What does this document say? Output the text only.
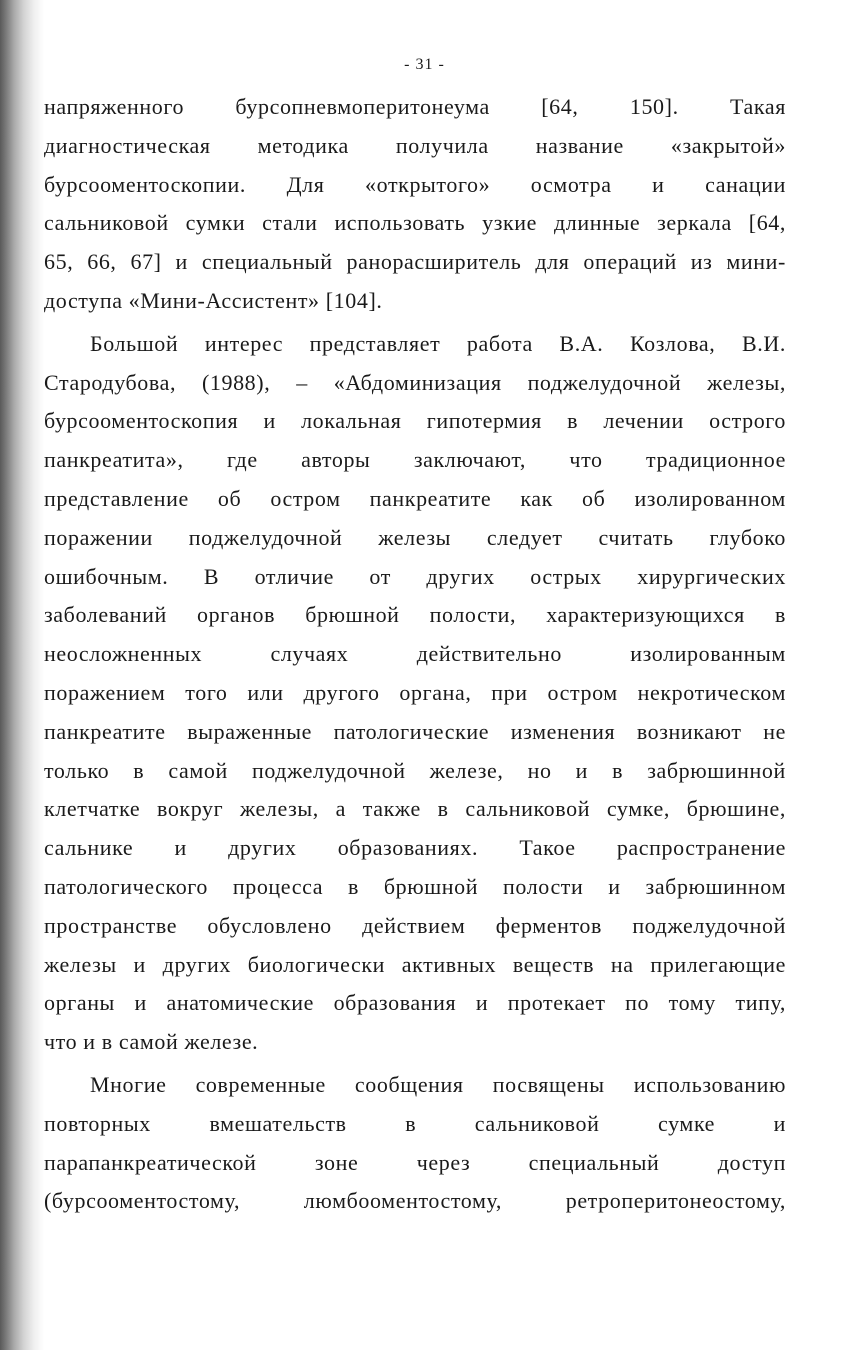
- 31 -
напряженного бурсопневмоперитонеума [64, 150]. Такая
диагностическая методика получила название «закрытой»
бурсооментоскопии. Для «открытого» осмотра и санации
сальниковой сумки стали использовать узкие длинные зеркала [64,
65, 66, 67] и специальный ранорасширитель для операций из мини-
доступа «Мини-Ассистент» [104].
Большой интерес представляет работа В.А. Козлова, В.И.
Стародубова, (1988), – «Абдоминизация поджелудочной железы,
бурсооментоскопия и локальная гипотермия в лечении острого
панкреатита», где авторы заключают, что традиционное
представление об остром панкреатите как об изолированном
поражении поджелудочной железы следует считать глубоко
ошибочным. В отличие от других острых хирургических
заболеваний органов брюшной полости, характеризующихся в
неосложненных	случаях	действительно	изолированным
поражением того или другого органа, при остром некротическом
панкреатите выраженные патологические изменения возникают не
только в самой поджелудочной железе, но и в забрюшинной
клетчатке вокруг железы, а также в сальниковой сумке, брюшине,
сальнике и других образованиях. Такое распространение
патологического процесса в брюшной полости и забрюшинном
пространстве обусловлено действием ферментов поджелудочной
железы и других биологически активных веществ на прилегающие
органы и анатомические образования и протекает по тому типу,
что и в самой железе.
Многие современные сообщения посвящены использованию
повторных	вмешательств	в	сальниковой	сумке	и
парапанкреатической	зоне	через	специальный	доступ
(бурсооментостому,	люмбооментостому,	ретроперитонеостому,
